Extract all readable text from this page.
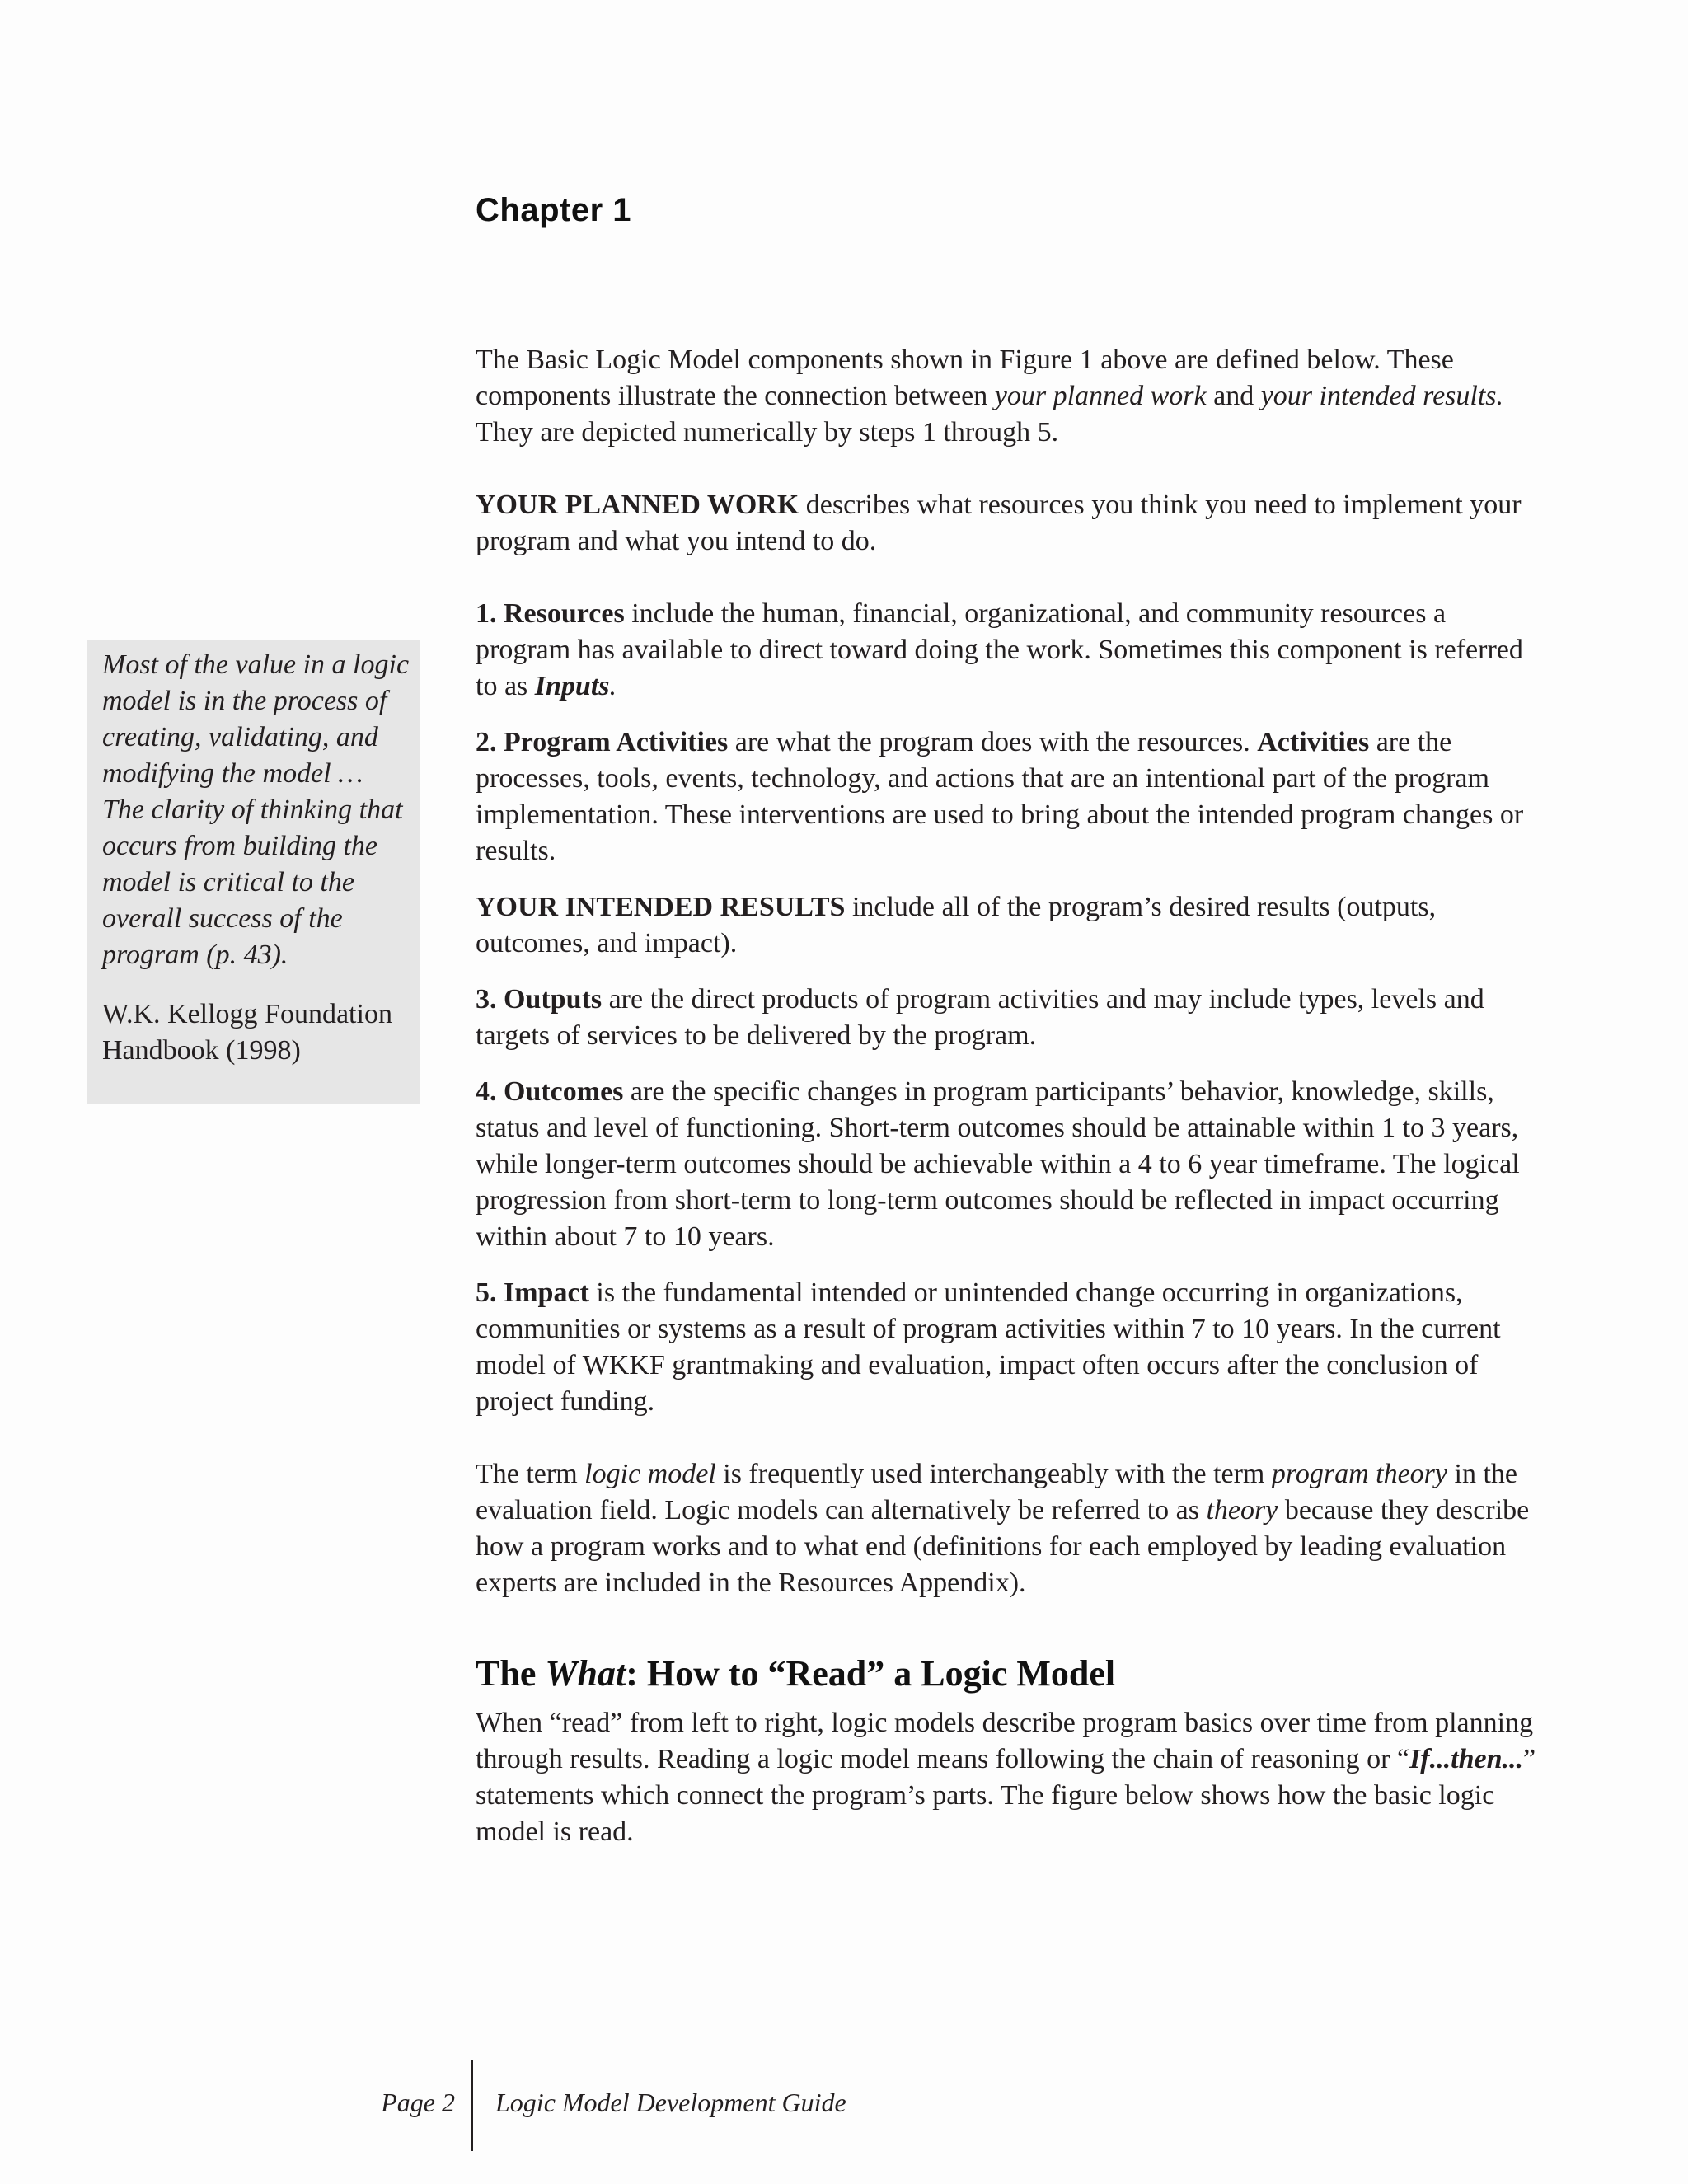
Chapter 1

Most of the value in a logic model is in the process of creating, validating, and modifying the model … The clarity of thinking that occurs from building the model is critical to the overall success of the program (p. 43).

W.K. Kellogg Foundation Handbook (1998)

The Basic Logic Model components shown in Figure 1 above are defined below. These components illustrate the connection between your planned work and your intended results. They are depicted numerically by steps 1 through 5.

YOUR PLANNED WORK describes what resources you think you need to implement your program and what you intend to do.

1. Resources include the human, financial, organizational, and community resources a program has available to direct toward doing the work. Sometimes this component is referred to as Inputs.

2. Program Activities are what the program does with the resources. Activities are the processes, tools, events, technology, and actions that are an intentional part of the program implementation. These interventions are used to bring about the intended program changes or results.

YOUR INTENDED RESULTS include all of the program’s desired results (outputs, outcomes, and impact).

3. Outputs are the direct products of program activities and may include types, levels and targets of services to be delivered by the program.

4. Outcomes are the specific changes in program participants’ behavior, knowledge, skills, status and level of functioning. Short-term outcomes should be attainable within 1 to 3 years, while longer-term outcomes should be achievable within a 4 to 6 year timeframe. The logical progression from short-term to long-term outcomes should be reflected in impact occurring within about 7 to 10 years.

5. Impact is the fundamental intended or unintended change occurring in organizations, communities or systems as a result of program activities within 7 to 10 years. In the current model of WKKF grantmaking and evaluation, impact often occurs after the conclusion of project funding.

The term logic model is frequently used interchangeably with the term program theory in the evaluation field. Logic models can alternatively be referred to as theory because they describe how a program works and to what end (definitions for each employed by leading evaluation experts are included in the Resources Appendix).

The What: How to “Read” a Logic Model

When “read” from left to right, logic models describe program basics over time from planning through results. Reading a logic model means following the chain of reasoning or “If...then...” statements which connect the program’s parts. The figure below shows how the basic logic model is read.

Page 2 Logic Model Development Guide
